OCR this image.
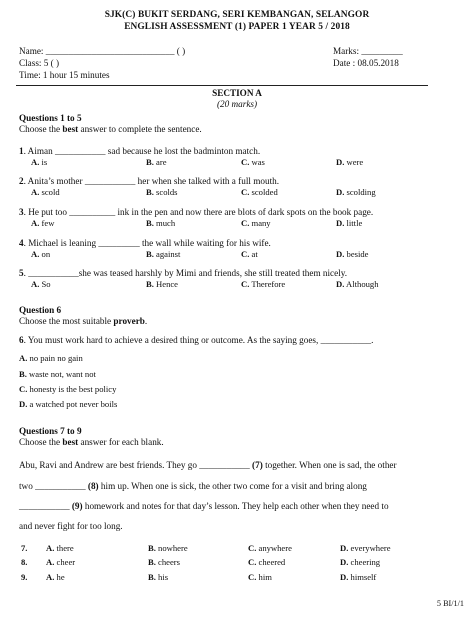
SJK(C) BUKIT SERDANG, SERI KEMBANGAN, SELANGOR
ENGLISH ASSESSMENT (1) PAPER 1 YEAR 5 / 2018
Name: ____________________________ ( )	Marks: _________
Class: 5 ( )	Date : 08.05.2018
Time: 1 hour 15 minutes
SECTION A
(20 marks)
Questions 1 to 5
Choose the best answer to complete the sentence.
1. Aiman ___________ sad because he lost the badminton match.
A. is	B. are	C. was	D. were
2. Anita’s mother ___________ her when she talked with a full mouth.
A. scold	B. scolds	C. scolded	D. scolding
3. He put too __________ ink in the pen and now there are blots of dark spots on the book page.
A. few	B. much	C. many	D. little
4. Michael is leaning _________ the wall while waiting for his wife.
A. on	B. against	C. at	D. beside
5. ___________she was teased harshly by Mimi and friends, she still treated them nicely.
A. So	B. Hence	C. Therefore	D. Although
Question 6
Choose the most suitable proverb.
6. You must work hard to achieve a desired thing or outcome. As the saying goes, ___________.
A. no pain no gain
B. waste not, want not
C. honesty is the best policy
D. a watched pot never boils
Questions 7 to 9
Choose the best answer for each blank.
Abu, Ravi and Andrew are best friends. They go ___________ (7) together. When one is sad, the other
two ___________ (8) him up. When one is sick, the other two come for a visit and bring along
___________ (9) homework and notes for that day’s lesson. They help each other when they need to
and never fight for too long.
7. A. there	B. nowhere	C. anywhere	D. everywhere
8. A. cheer	B. cheers	C. cheered	D. cheering
9. A. he	B. his	C. him	D. himself
5 BI/1/1
